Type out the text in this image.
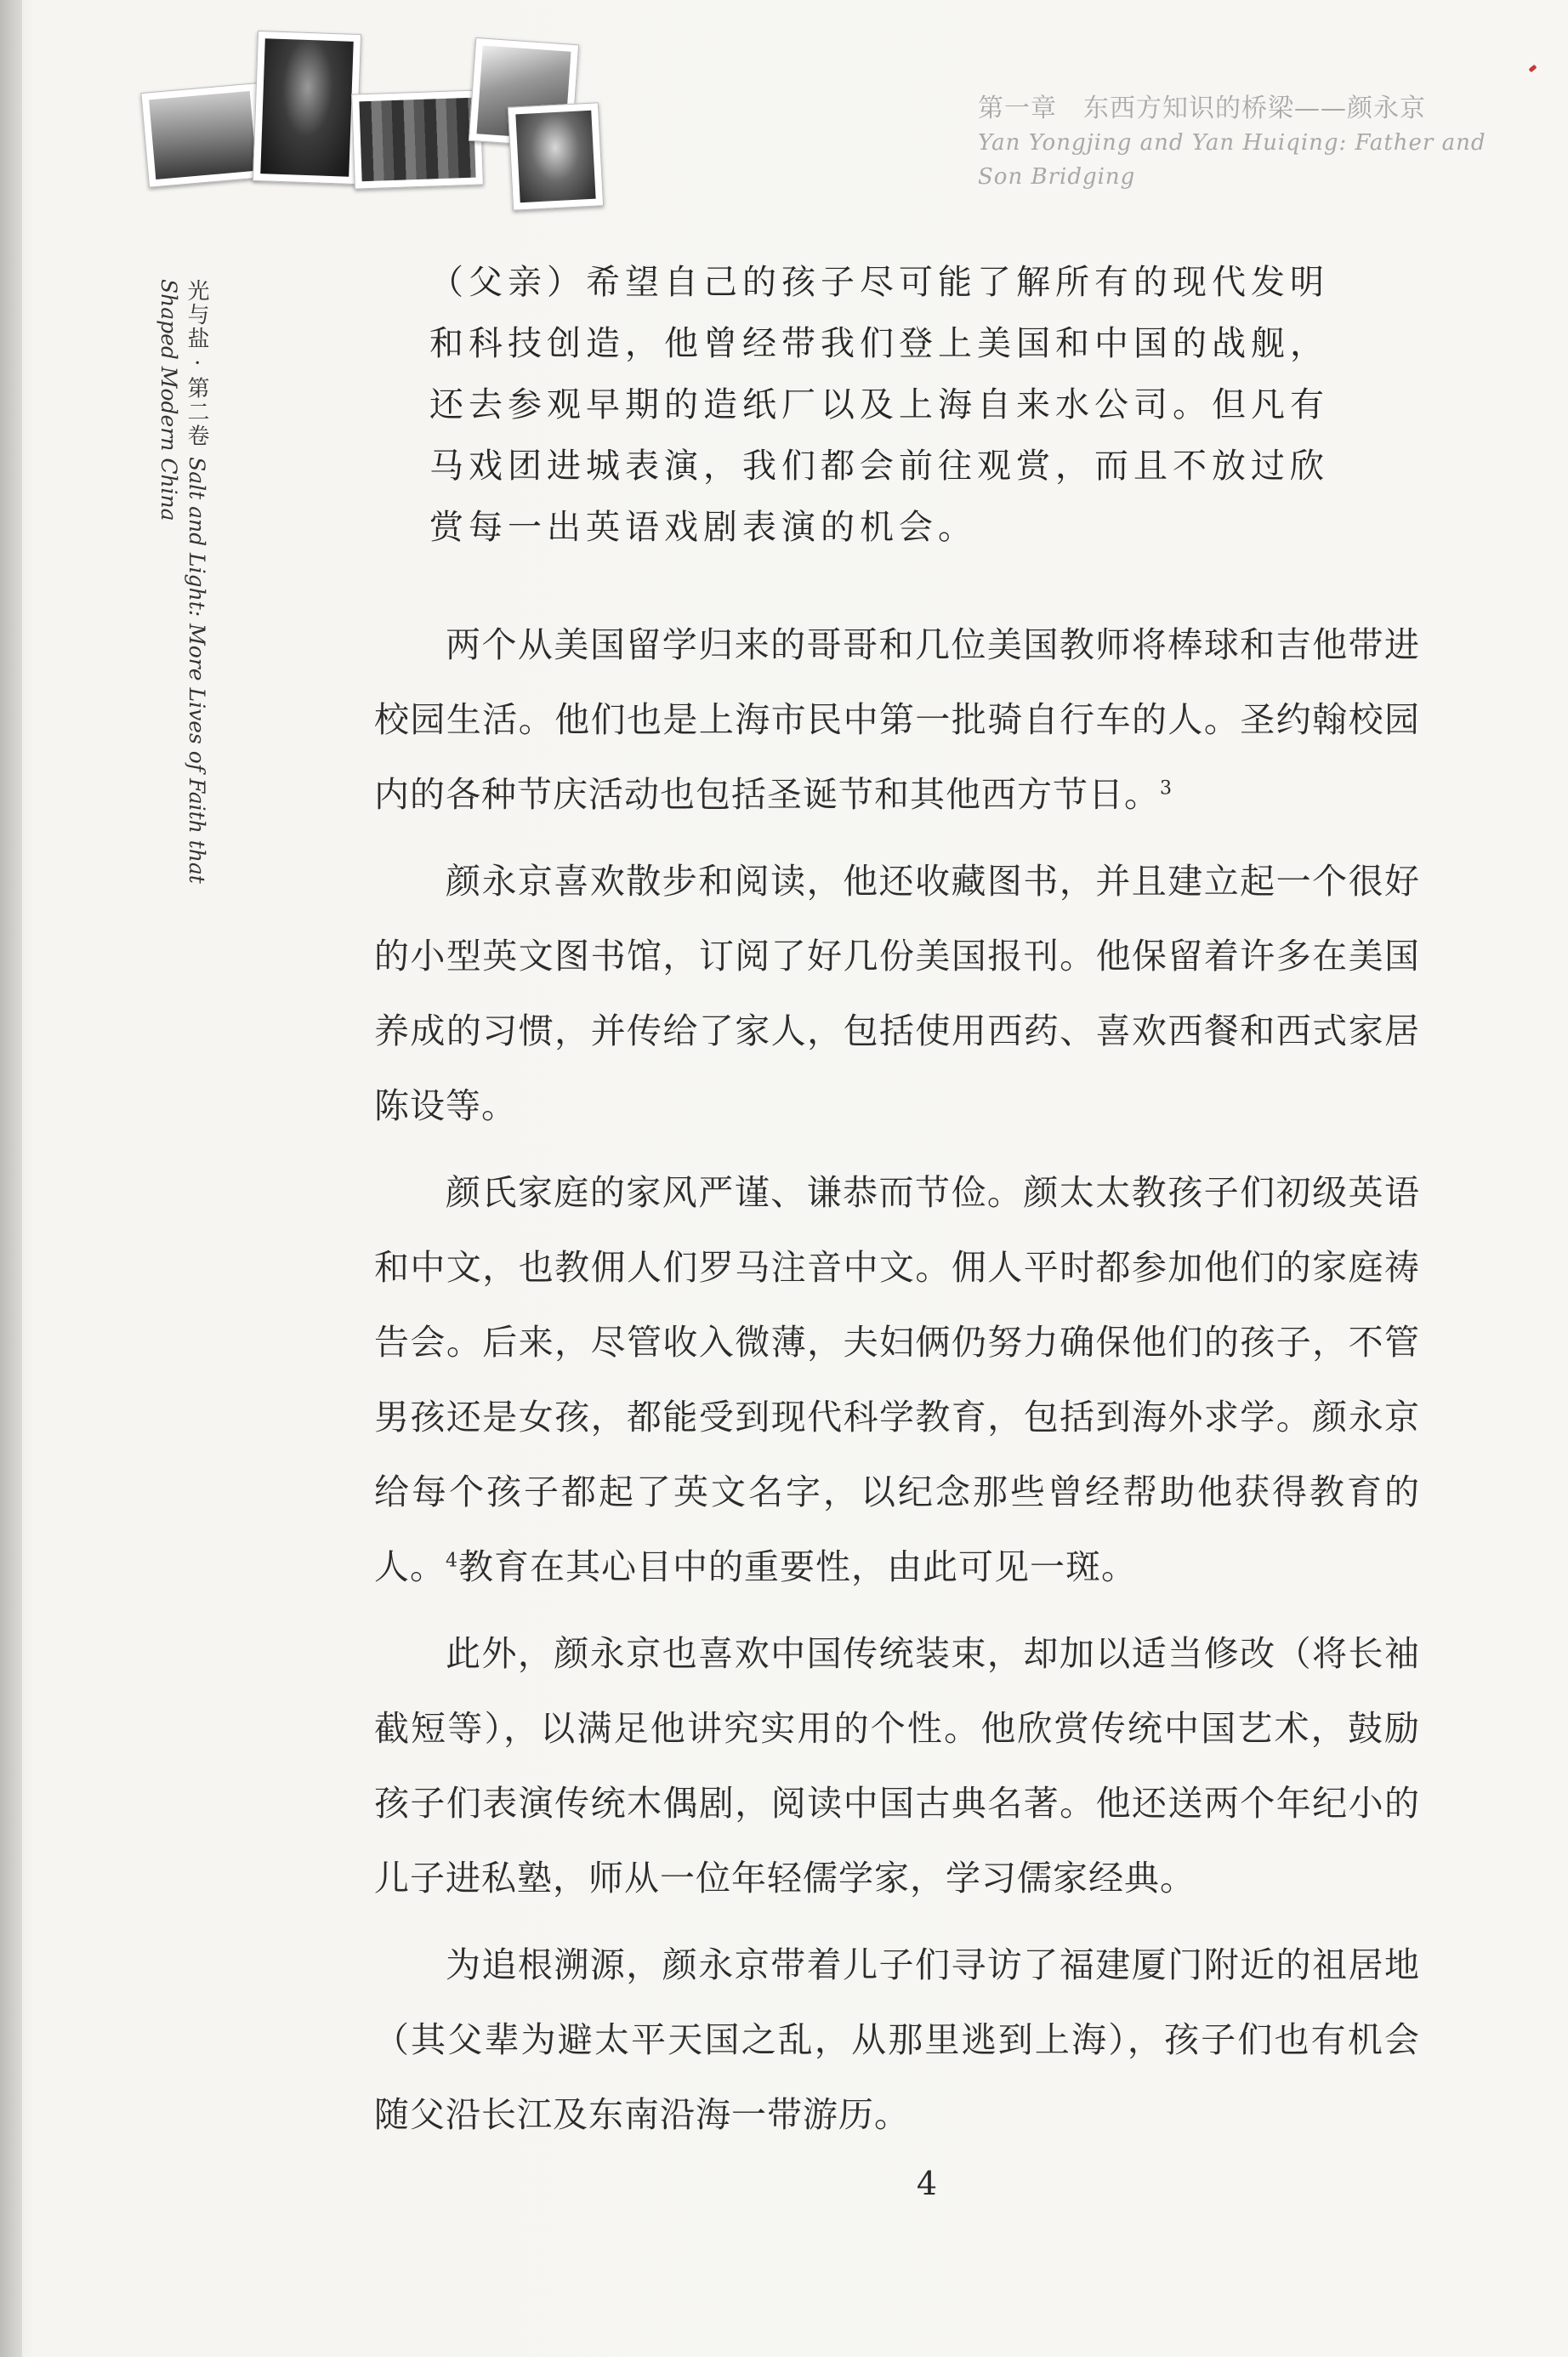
第一章　东西方知识的桥梁——颜永京
Yan Yongjing and Yan Huiqing: Father and Son Bridging
光与盐 · 第二卷 Salt and Light: More Lives of Faith that Shaped Modern China	（父亲）希望自己的孩子尽可能了解所有的现代发明和科技创造，他曾经带我们登上美国和中国的战舰，还去参观早期的造纸厂以及上海自来水公司。但凡有马戏团进城表演，我们都会前往观赏，而且不放过欣赏每一出英语戏剧表演的机会。

两个从美国留学归来的哥哥和几位美国教师将棒球和吉他带进校园生活。他们也是上海市民中第一批骑自行车的人。圣约翰校园内的各种节庆活动也包括圣诞节和其他西方节日。$^3$

颜永京喜欢散步和阅读，他还收藏图书，并且建立起一个很好的小型英文图书馆，订阅了好几份美国报刊。他保留着许多在美国养成的习惯，并传给了家人，包括使用西药、喜欢西餐和西式家居陈设等。

颜氏家庭的家风严谨、谦恭而节俭。颜太太教孩子们初级英语和中文，也教佣人们罗马注音中文。佣人平时都参加他们的家庭祷告会。后来，尽管收入微薄，夫妇俩仍努力确保他们的孩子，不管男孩还是女孩，都能受到现代科学教育，包括到海外求学。颜永京给每个孩子都起了英文名字，以纪念那些曾经帮助他获得教育的人。$^4$教育在其心目中的重要性，由此可见一斑。

此外，颜永京也喜欢中国传统装束，却加以适当修改（将长袖截短等），以满足他讲究实用的个性。他欣赏传统中国艺术，鼓励孩子们表演传统木偶剧，阅读中国古典名著。他还送两个年纪小的儿子进私塾，师从一位年轻儒学家，学习儒家经典。

为追根溯源，颜永京带着儿子们寻访了福建厦门附近的祖居地（其父辈为避太平天国之乱，从那里逃到上海），孩子们也有机会随父沿长江及东南沿海一带游历。

4
